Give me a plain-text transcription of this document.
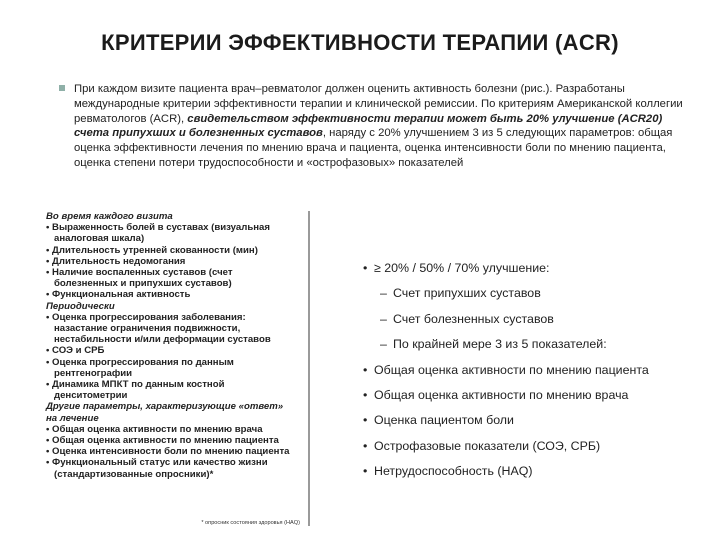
КРИТЕРИИ ЭФФЕКТИВНОСТИ ТЕРАПИИ (ACR)
При каждом визите пациента врач–ревматолог должен оценить активность болезни (рис.). Разработаны международные критерии эффективности терапии и клинической ремиссии. По критериям Американской коллегии ревматологов (ACR), свидетельством эффективности терапии может быть 20% улучшение (ACR20) счета припухших и болезненных суставов, наряду с 20% улучшением 3 из 5 следующих параметров: общая оценка эффективности лечения по мнению врача и пациента, оценка интенсивности боли по мнению пациента, оценка степени потери трудоспособности и «острофазовых» показателей
Во время каждого визита
• Выраженность болей в суставах (визуальная
аналоговая шкала)
• Длительность утренней скованности (мин)
• Длительность недомогания
• Наличие воспаленных суставов (счет
болезненных и припухших суставов)
• Функциональная активность
Периодически
• Оценка прогрессирования заболевания:
назастание ограничения подвижности,
нестабильности и/или деформации суставов
• СОЭ и СРБ
• Оценка прогрессирования по данным
рентгенографии
• Динамика МПКТ по данным костной
денситометрии
Другие параметры, характеризующие «ответ»
на лечение
• Общая оценка активности по мнению врача
• Общая оценка активности по мнению пациента
• Оценка интенсивности боли по мнению пациента
• Функциональный статус или качество жизни
(стандартизованные опросники)*
* опросник состояния здоровья (HAQ)
• ≥ 20% / 50% / 70% улучшение:
– Счет припухших суставов
– Счет болезненных суставов
– По крайней мере 3 из 5 показателей:
• Общая оценка активности по мнению пациента
• Общая оценка активности по мнению врача
• Оценка пациентом боли
• Острофазовые показатели (СОЭ, СРБ)
• Нетрудоспособность (HAQ)
